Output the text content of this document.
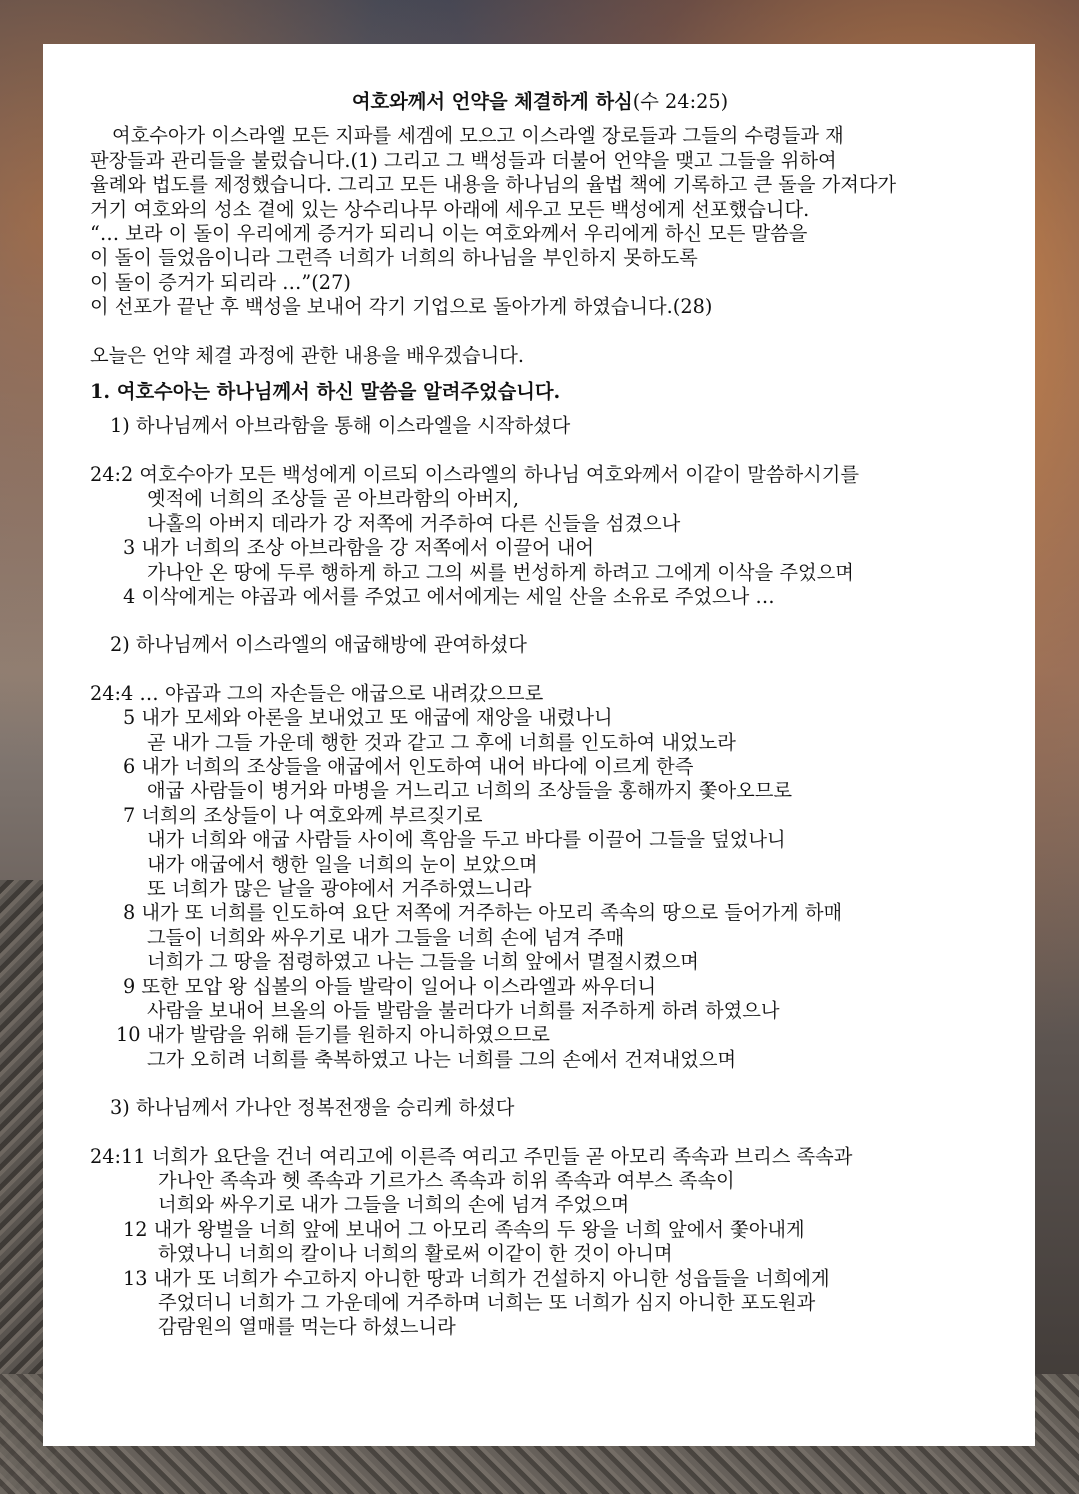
여호와께서 언약을 체결하게 하심(수 24:25)

여호수아가 이스라엘 모든 지파를 세겜에 모으고 이스라엘 장로들과 그들의 수령들과 재

판장들과 관리들을 불렀습니다.(1) 그리고 그 백성들과 더불어 언약을 맺고 그들을 위하여

율례와 법도를 제정했습니다. 그리고 모든 내용을 하나님의 율법 책에 기록하고 큰 돌을 가져다가

거기 여호와의 성소 곁에 있는 상수리나무 아래에 세우고 모든 백성에게 선포했습니다.

“… 보라 이 돌이 우리에게 증거가 되리니 이는 여호와께서 우리에게 하신 모든 말씀을

이 돌이 들었음이니라 그런즉 너희가 너희의 하나님을 부인하지 못하도록

이 돌이 증거가 되리라 …”(27)

이 선포가 끝난 후 백성을 보내어 각기 기업으로 돌아가게 하였습니다.(28)

오늘은 언약 체결 과정에 관한 내용을 배우겠습니다.

1. 여호수아는 하나님께서 하신 말씀을 알려주었습니다.

1) 하나님께서 아브라함을 통해 이스라엘을 시작하셨다

24:2 여호수아가 모든 백성에게 이르되 이스라엘의 하나님 여호와께서 이같이 말씀하시기를

옛적에 너희의 조상들 곧 아브라함의 아버지,

나홀의 아버지 데라가 강 저쪽에 거주하여 다른 신들을 섬겼으나

3 내가 너희의 조상 아브라함을 강 저쪽에서 이끌어 내어

가나안 온 땅에 두루 행하게 하고 그의 씨를 번성하게 하려고 그에게 이삭을 주었으며

4 이삭에게는 야곱과 에서를 주었고 에서에게는 세일 산을 소유로 주었으나 …

2) 하나님께서 이스라엘의 애굽해방에 관여하셨다

24:4 … 야곱과 그의 자손들은 애굽으로 내려갔으므로

5 내가 모세와 아론을 보내었고 또 애굽에 재앙을 내렸나니

곧 내가 그들 가운데 행한 것과 같고 그 후에 너희를 인도하여 내었노라

6 내가 너희의 조상들을 애굽에서 인도하여 내어 바다에 이르게 한즉

애굽 사람들이 병거와 마병을 거느리고 너희의 조상들을 홍해까지 쫓아오므로

7 너희의 조상들이 나 여호와께 부르짖기로

내가 너희와 애굽 사람들 사이에 흑암을 두고 바다를 이끌어 그들을 덮었나니

내가 애굽에서 행한 일을 너희의 눈이 보았으며

또 너희가 많은 날을 광야에서 거주하였느니라

8 내가 또 너희를 인도하여 요단 저쪽에 거주하는 아모리 족속의 땅으로 들어가게 하매

그들이 너희와 싸우기로 내가 그들을 너희 손에 넘겨 주매

너희가 그 땅을 점령하였고 나는 그들을 너희 앞에서 멸절시켰으며

9 또한 모압 왕 십볼의 아들 발락이 일어나 이스라엘과 싸우더니

사람을 보내어 브올의 아들 발람을 불러다가 너희를 저주하게 하려 하였으나

10 내가 발람을 위해 듣기를 원하지 아니하였으므로

그가 오히려 너희를 축복하였고 나는 너희를 그의 손에서 건져내었으며

3) 하나님께서 가나안 정복전쟁을 승리케 하셨다

24:11 너희가 요단을 건너 여리고에 이른즉 여리고 주민들 곧 아모리 족속과 브리스 족속과

가나안 족속과 헷 족속과 기르가스 족속과 히위 족속과 여부스 족속이

너희와 싸우기로 내가 그들을 너희의 손에 넘겨 주었으며

12 내가 왕벌을 너희 앞에 보내어 그 아모리 족속의 두 왕을 너희 앞에서 쫓아내게

하였나니 너희의 칼이나 너희의 활로써 이같이 한 것이 아니며

13 내가 또 너희가 수고하지 아니한 땅과 너희가 건설하지 아니한 성읍들을 너희에게

주었더니 너희가 그 가운데에 거주하며 너희는 또 너희가 심지 아니한 포도원과

감람원의 열매를 먹는다 하셨느니라
